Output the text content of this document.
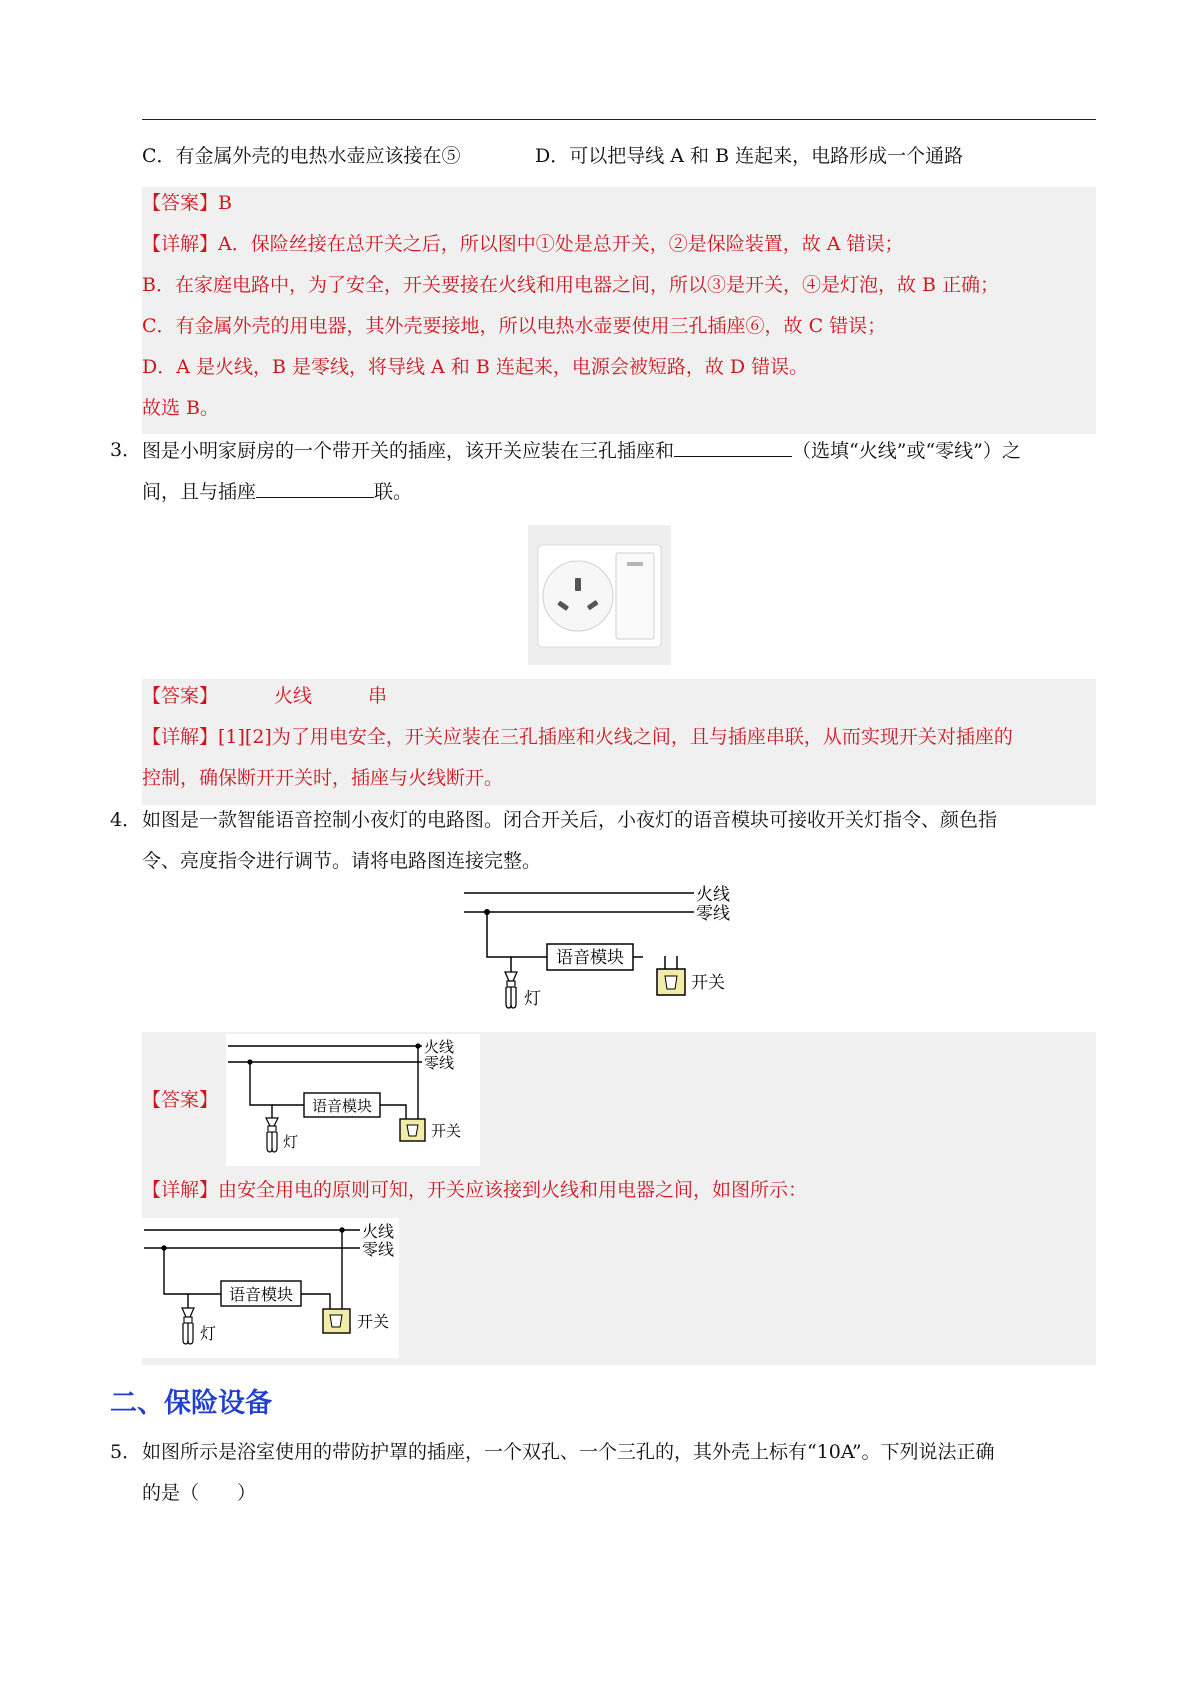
C．有金属外壳的电热水壶应该接在⑤	D．可以把导线 A 和 B 连起来，电路形成一个通路
【答案】B
【详解】A．保险丝接在总开关之后，所以图中①处是总开关，②是保险装置，故 A 错误；
B．在家庭电路中，为了安全，开关要接在火线和用电器之间，所以③是开关，④是灯泡，故 B 正确；
C．有金属外壳的用电器，其外壳要接地，所以电热水壶要使用三孔插座⑥，故 C 错误；
D．A 是火线，B 是零线，将导线 A 和 B 连起来，电源会被短路，故 D 错误。
故选 B。
3． 图是小明家厨房的一个带开关的插座，该开关应装在三孔插座和	（选填“火线”或“零线”）之
间，且与插座	联。
【答案】	火线	串
【详解】[1][2]为了用电安全，开关应装在三孔插座和火线之间，且与插座串联，从而实现开关对插座的
控制，确保断开开关时，插座与火线断开。
4． 如图是一款智能语音控制小夜灯的电路图。闭合开关后，小夜灯的语音模块可接收开关灯指令、颜色指
令、亮度指令进行调节。请将电路图连接完整。
火线
零线
语音模块
开关
灯
【答案】
火线
零线
语音模块
开关
灯
【详解】由安全用电的原则可知，开关应该接到火线和用电器之间，如图所示：
火线
零线
语音模块
开关
灯
二、保险设备
5． 如图所示是浴室使用的带防护罩的插座，一个双孔、一个三孔的，其外壳上标有“10A”。下列说法正确
的是（　　）
